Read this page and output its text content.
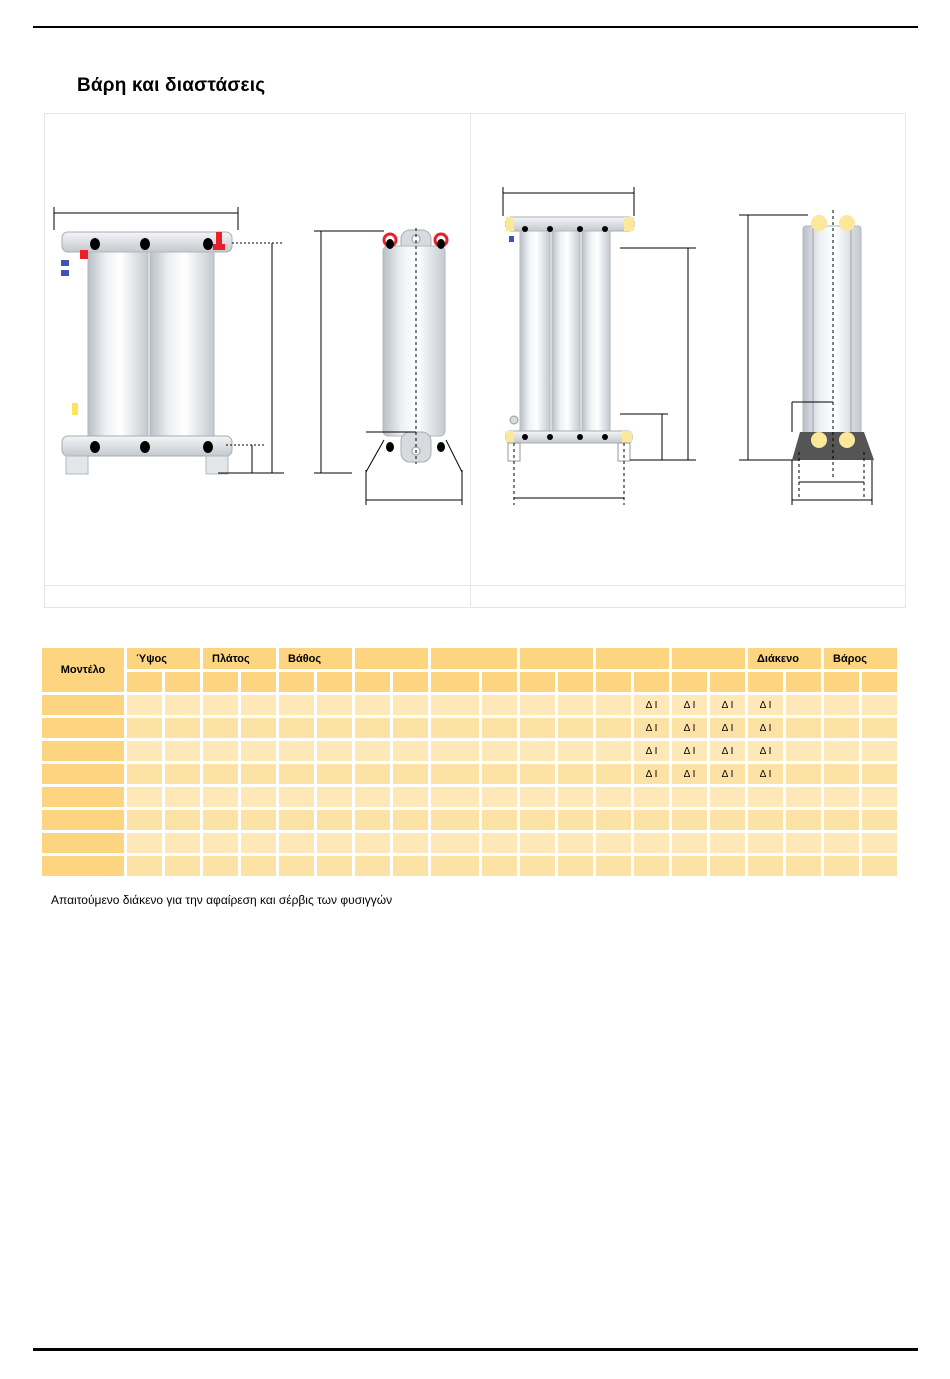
Βάρη και διαστάσεις
Μοντέλο	Ύψος		Πλάτος		Βάθος												Διάκενο		Βάρος		

														Δ Ι	Δ Ι	Δ Ι	Δ Ι				
														Δ Ι	Δ Ι	Δ Ι	Δ Ι				
														Δ Ι	Δ Ι	Δ Ι	Δ Ι				
														Δ Ι	Δ Ι	Δ Ι	Δ Ι				

Απαιτούμενο διάκενο για την αφαίρεση και σέρβις των φυσιγγών
